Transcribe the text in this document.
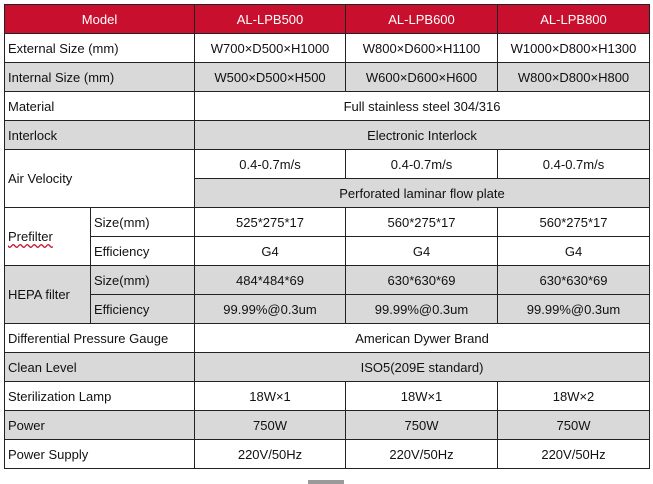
Model		AL-LPB500	AL-LPB600	AL-LPB800
External Size (mm)		W700×D500×H1000	W800×D600×H1100	W1000×D800×H1300
Internal Size (mm)		W500×D500×H500	W600×D600×H600	W800×D800×H800
Material		Full stainless steel 304/316		
Interlock		Electronic Interlock		
Air Velocity		0.4-0.7m/s	0.4-0.7m/s	0.4-0.7m/s
		Perforated laminar flow plate		
Prefilter	Size(mm)	525*275*17	560*275*17	560*275*17
	Efficiency	G4	G4	G4
HEPA filter	Size(mm)	484*484*69	630*630*69	630*630*69
	Efficiency	99.99%@0.3um	99.99%@0.3um	99.99%@0.3um
Differential Pressure Gauge		American Dywer Brand		
Clean Level		ISO5(209E standard)		
Sterilization Lamp		18W×1	18W×1	18W×2
Power		750W	750W	750W
Power Supply		220V/50Hz	220V/50Hz	220V/50Hz
